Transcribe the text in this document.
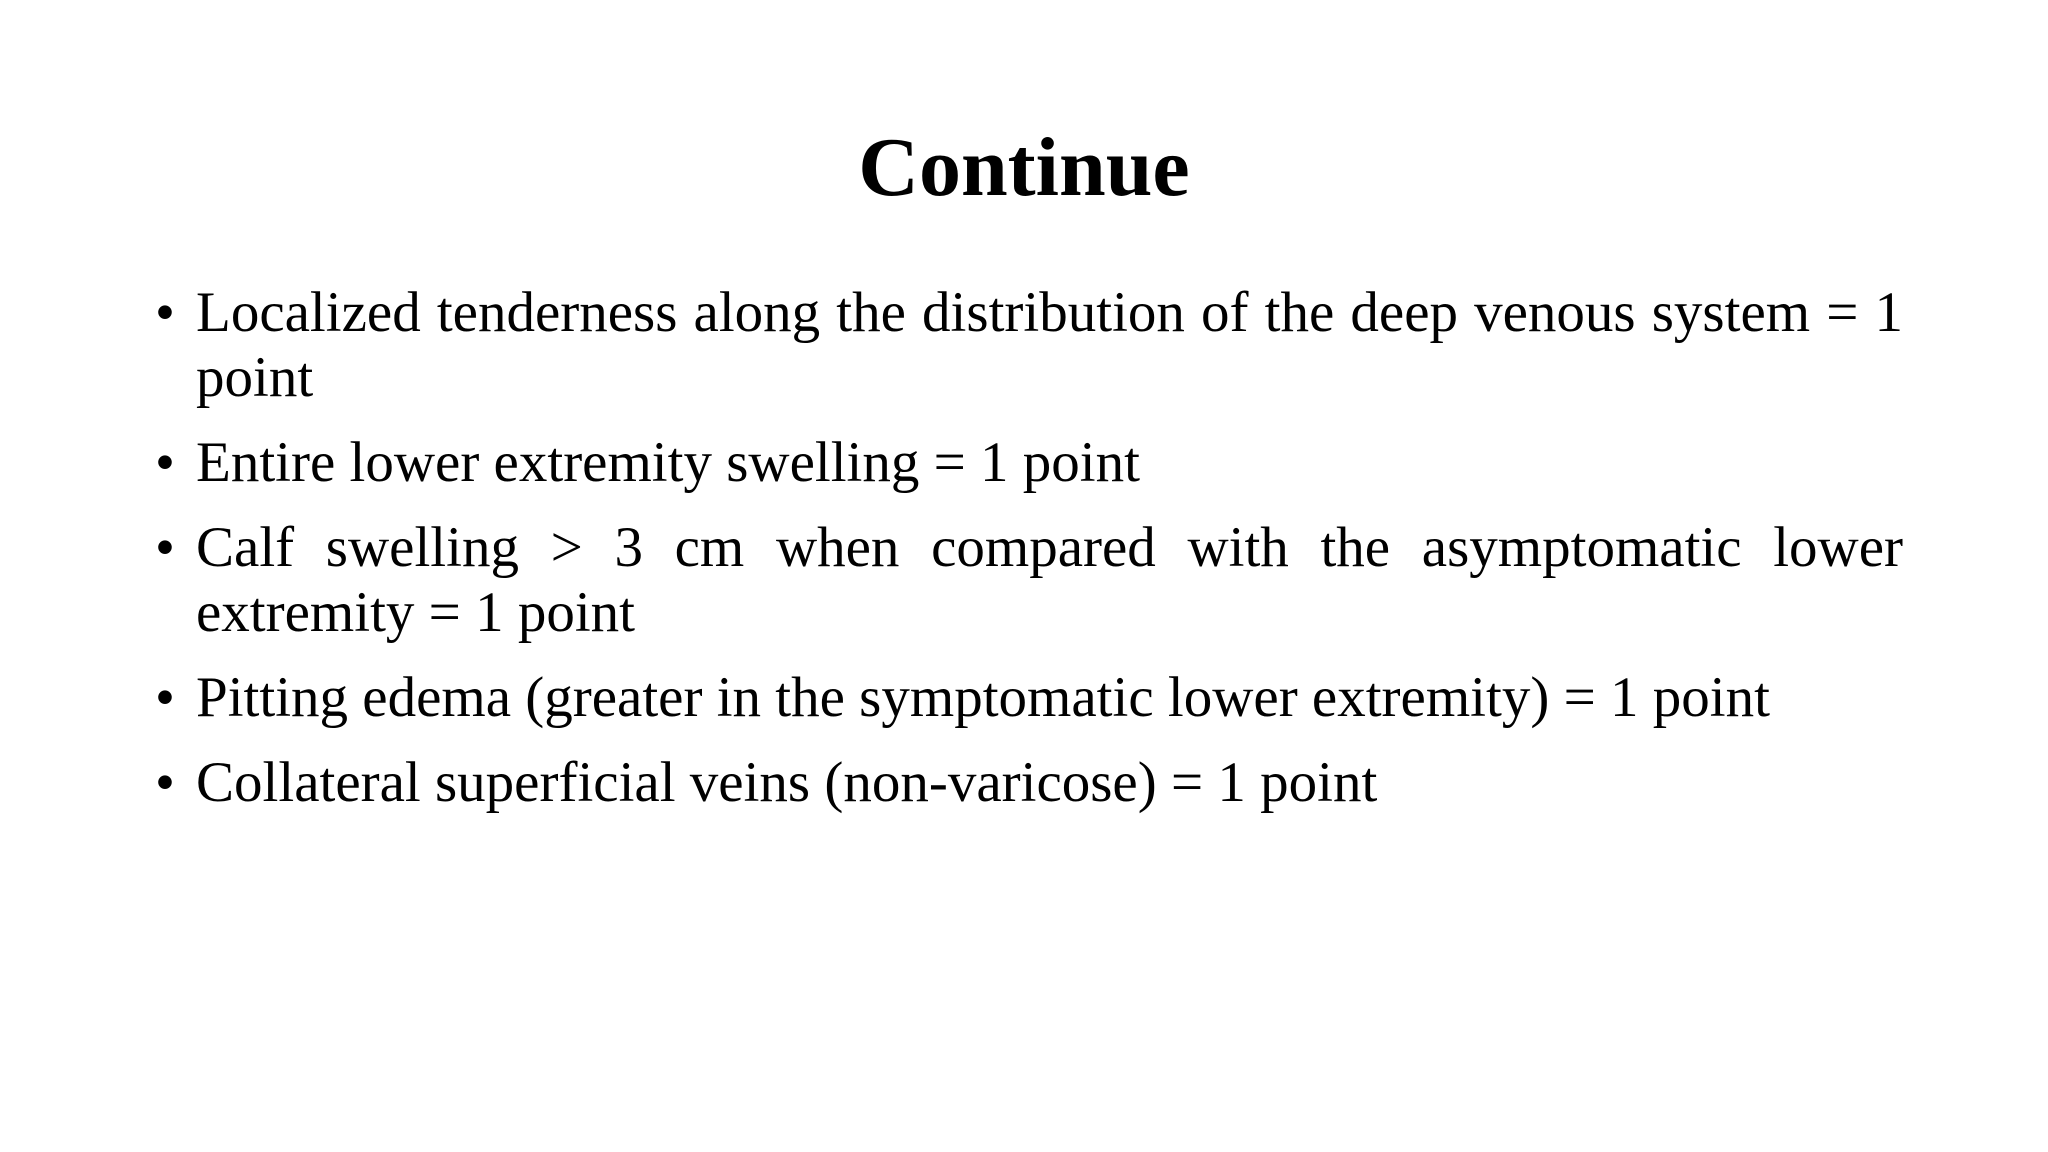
Continue
• Localized tenderness along the distribution of the deep venous system = 1 point
• Entire lower extremity swelling = 1 point
• Calf swelling > 3 cm when compared with the asymptomatic lower extremity = 1 point
• Pitting edema (greater in the symptomatic lower extremity) = 1 point
• Collateral superficial veins (non-varicose) = 1 point
